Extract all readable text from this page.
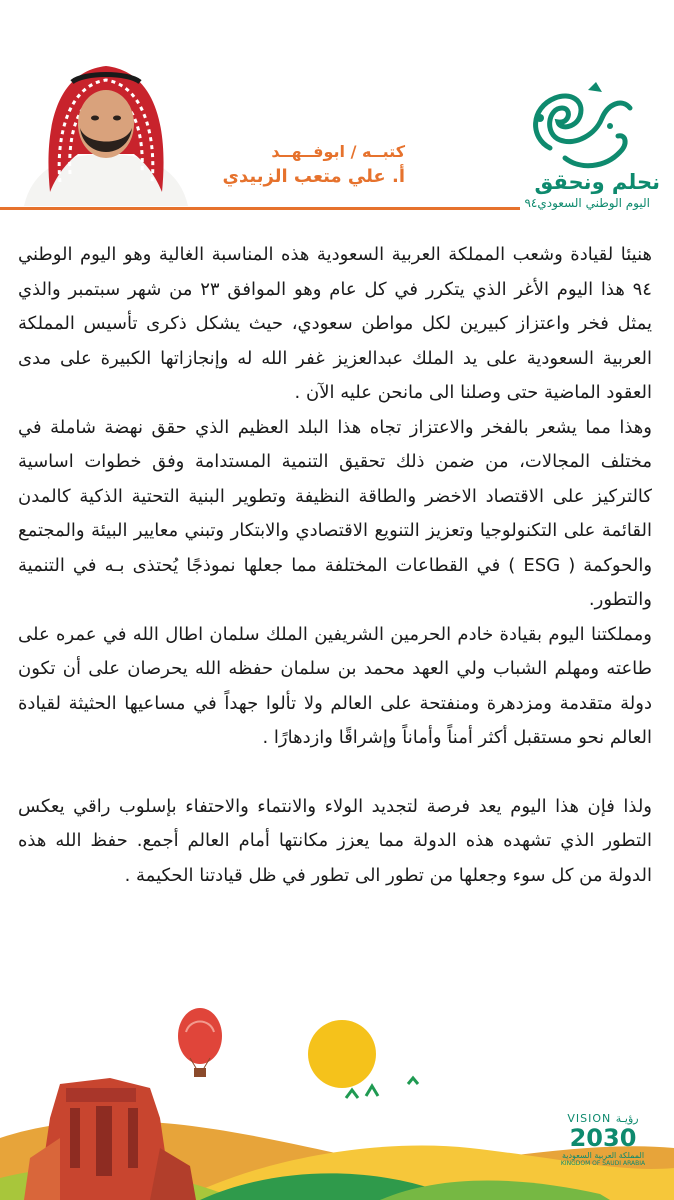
نحلم ونحقق
اليوم الوطني السعودي٩٤
كتبــه / ابوفــهــد
أ. علي متعب الزبيدي

هنيئا لقيادة وشعب المملكة العربية السعودية هذه المناسبة الغالية وهو اليوم الوطني ٩٤ هذا اليوم الأغر الذي يتكرر في كل عام وهو الموافق ٢٣ من شهر سبتمبر والذي يمثل فخر واعتزاز كبيرين لكل مواطن سعودي، حيث يشكل ذكرى تأسيس المملكة العربية السعودية على يد الملك عبدالعزيز غفر الله له وإنجازاتها الكبيرة على مدى العقود الماضية حتى وصلنا الى مانحن عليه الآن .

وهذا مما يشعر بالفخر والاعتزاز تجاه هذا البلد العظيم الذي حقق نهضة شاملة في مختلف المجالات، من ضمن ذلك تحقيق التنمية المستدامة وفق خطوات اساسية كالتركيز على الاقتصاد الاخضر والطاقة النظيفة وتطوير البنية التحتية الذكية كالمدن القائمة على التكنولوجيا وتعزيز التنويع الاقتصادي والابتكار وتبني معايير البيئة والمجتمع والحوكمة ( ESG ) في القطاعات المختلفة مما جعلها نموذجًا يُحتذى بـه في التنمية والتطور.

ومملكتنا اليوم بقيادة خادم الحرمين الشريفين الملك سلمان اطال الله في عمره على طاعته ومهلم الشباب ولي العهد محمد بن سلمان حفظه الله يحرصان على أن تكون دولة متقدمة ومزدهرة ومنفتحة على العالم ولا تألوا جهداً في مساعيها الحثيثة لقيادة العالم نحو مستقبل أكثر أمناً وأماناً وإشراقًا وازدهارًا .

ولذا فإن هذا اليوم يعد فرصة لتجديد الولاء والانتماء والاحتفاء بإسلوب راقي يعكس التطور الذي تشهده هذه الدولة مما يعزز مكانتها أمام العالم أجمع. حفظ الله هذه الدولة من كل سوء وجعلها من تطور الى تطور في ظل قيادتنا الحكيمة .

VISION رؤيـة
2030
المملكة العربية السعودية
KINGDOM OF SAUDI ARABIA
